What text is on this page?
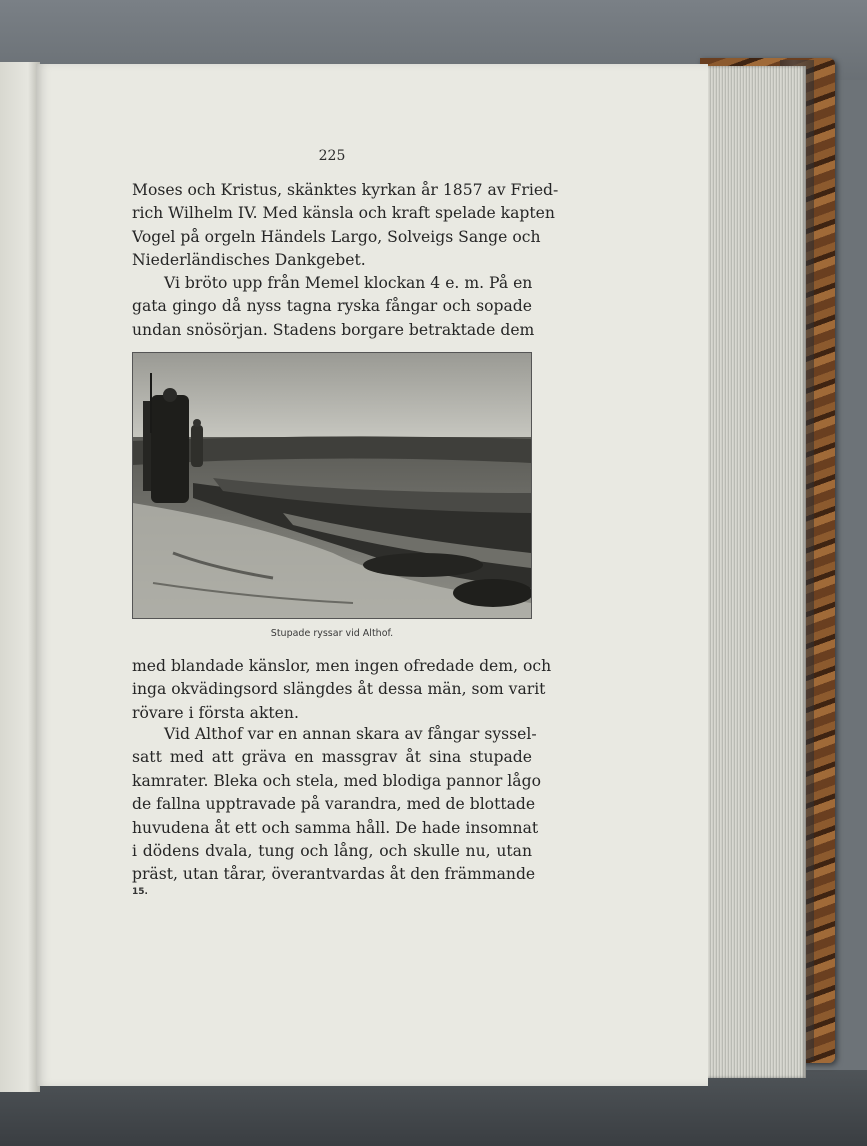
225

Moses och Kristus, skänktes kyrkan år 1857 av Fried-
rich Wilhelm IV. Med känsla och kraft spelade kapten
Vogel på orgeln Händels Largo, Solveigs Sange och
Niederländisches Dankgebet.

Vi bröto upp från Memel klockan 4 e. m. På en
gata gingo då nyss tagna ryska fångar och sopade
undan snösörjan. Stadens borgare betraktade dem

Stupade ryssar vid Althof.

med blandade känslor, men ingen ofredade dem, och
inga okvädingsord slängdes åt dessa män, som varit
rövare i första akten.

Vid Althof var en annan skara av fångar syssel-
satt med att gräva en massgrav åt sina stupade
kamrater. Bleka och stela, med blodiga pannor lågo
de fallna upptravade på varandra, med de blottade
huvudena åt ett och samma håll. De hade insomnat
i dödens dvala, tung och lång, och skulle nu, utan
präst, utan tårar, överantvardas åt den främmande

15.
